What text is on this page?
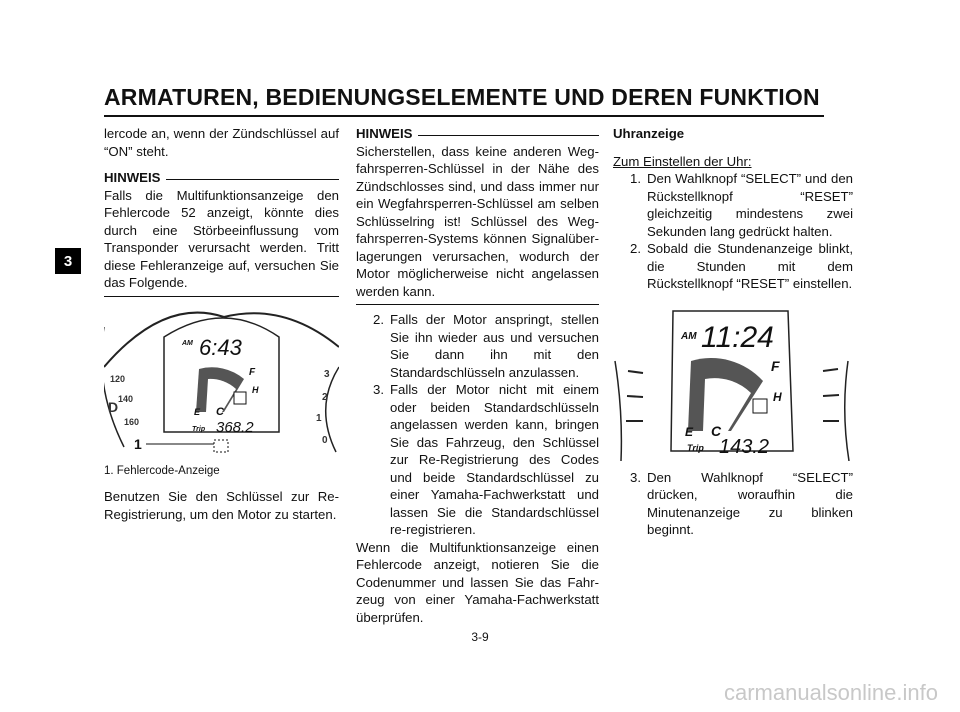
ARMATUREN, BEDIENUNGSELEMENTE UND DEREN FUNKTION
3

lercode an, wenn der Zündschlüssel auf “ON” steht.

HINWEIS

Falls die Multifunktionsanzeige den Fehlercode 52 anzeigt, könnte dies durch eine Störbeeinflussung vom Transponder verursacht werden. Tritt diese Fehleranzeige auf, versuchen Sie das Folgende.

120
140
160
D
3
2
1
0
AM 6:43
F
H
E C
Trip 368.2
1
1. Fehlercode-Anzeige

Benutzen Sie den Schlüssel zur Re-Registrierung, um den Motor zu starten.

HINWEIS

Sicherstellen, dass keine anderen Wegfahrsperren-Schlüssel in der Nähe des Zündschlosses sind, und dass immer nur ein Wegfahrsperren-Schlüssel am selben Schlüsselring ist! Schlüssel des Wegfahrsperren-Systems können Signalüberlagerungen verursachen, wodurch der Motor möglicherweise nicht angelassen werden kann.

2. Falls der Motor anspringt, stellen Sie ihn wieder aus und versuchen Sie dann ihn mit den Standardschlüsseln anzulassen.
3. Falls der Motor nicht mit einem oder beiden Standardschlüsseln angelassen werden kann, bringen Sie das Fahrzeug, den Schlüssel zur Re-Registrierung des Codes und beide Standardschlüssel zu einer Yamaha-Fachwerkstatt und lassen Sie die Standardschlüssel re-registrieren.

Wenn die Multifunktionsanzeige einen Fehlercode anzeigt, notieren Sie die Codenummer und lassen Sie das Fahrzeug von einer Yamaha-Fachwerkstatt überprüfen.

Uhranzeige

Zum Einstellen der Uhr:

1. Den Wahlknopf “SELECT” und den Rückstellknopf “RESET” gleichzeitig mindestens zwei Sekunden lang gedrückt halten.
2. Sobald die Stundenanzeige blinkt, die Stunden mit dem Rückstellknopf “RESET” einstellen.
AM 11:24
F
H
E C
Trip 143.2
3. Den Wahlknopf “SELECT” drücken, woraufhin die Minutenanzeige zu blinken beginnt.
3-9
carmanualsonline.info
